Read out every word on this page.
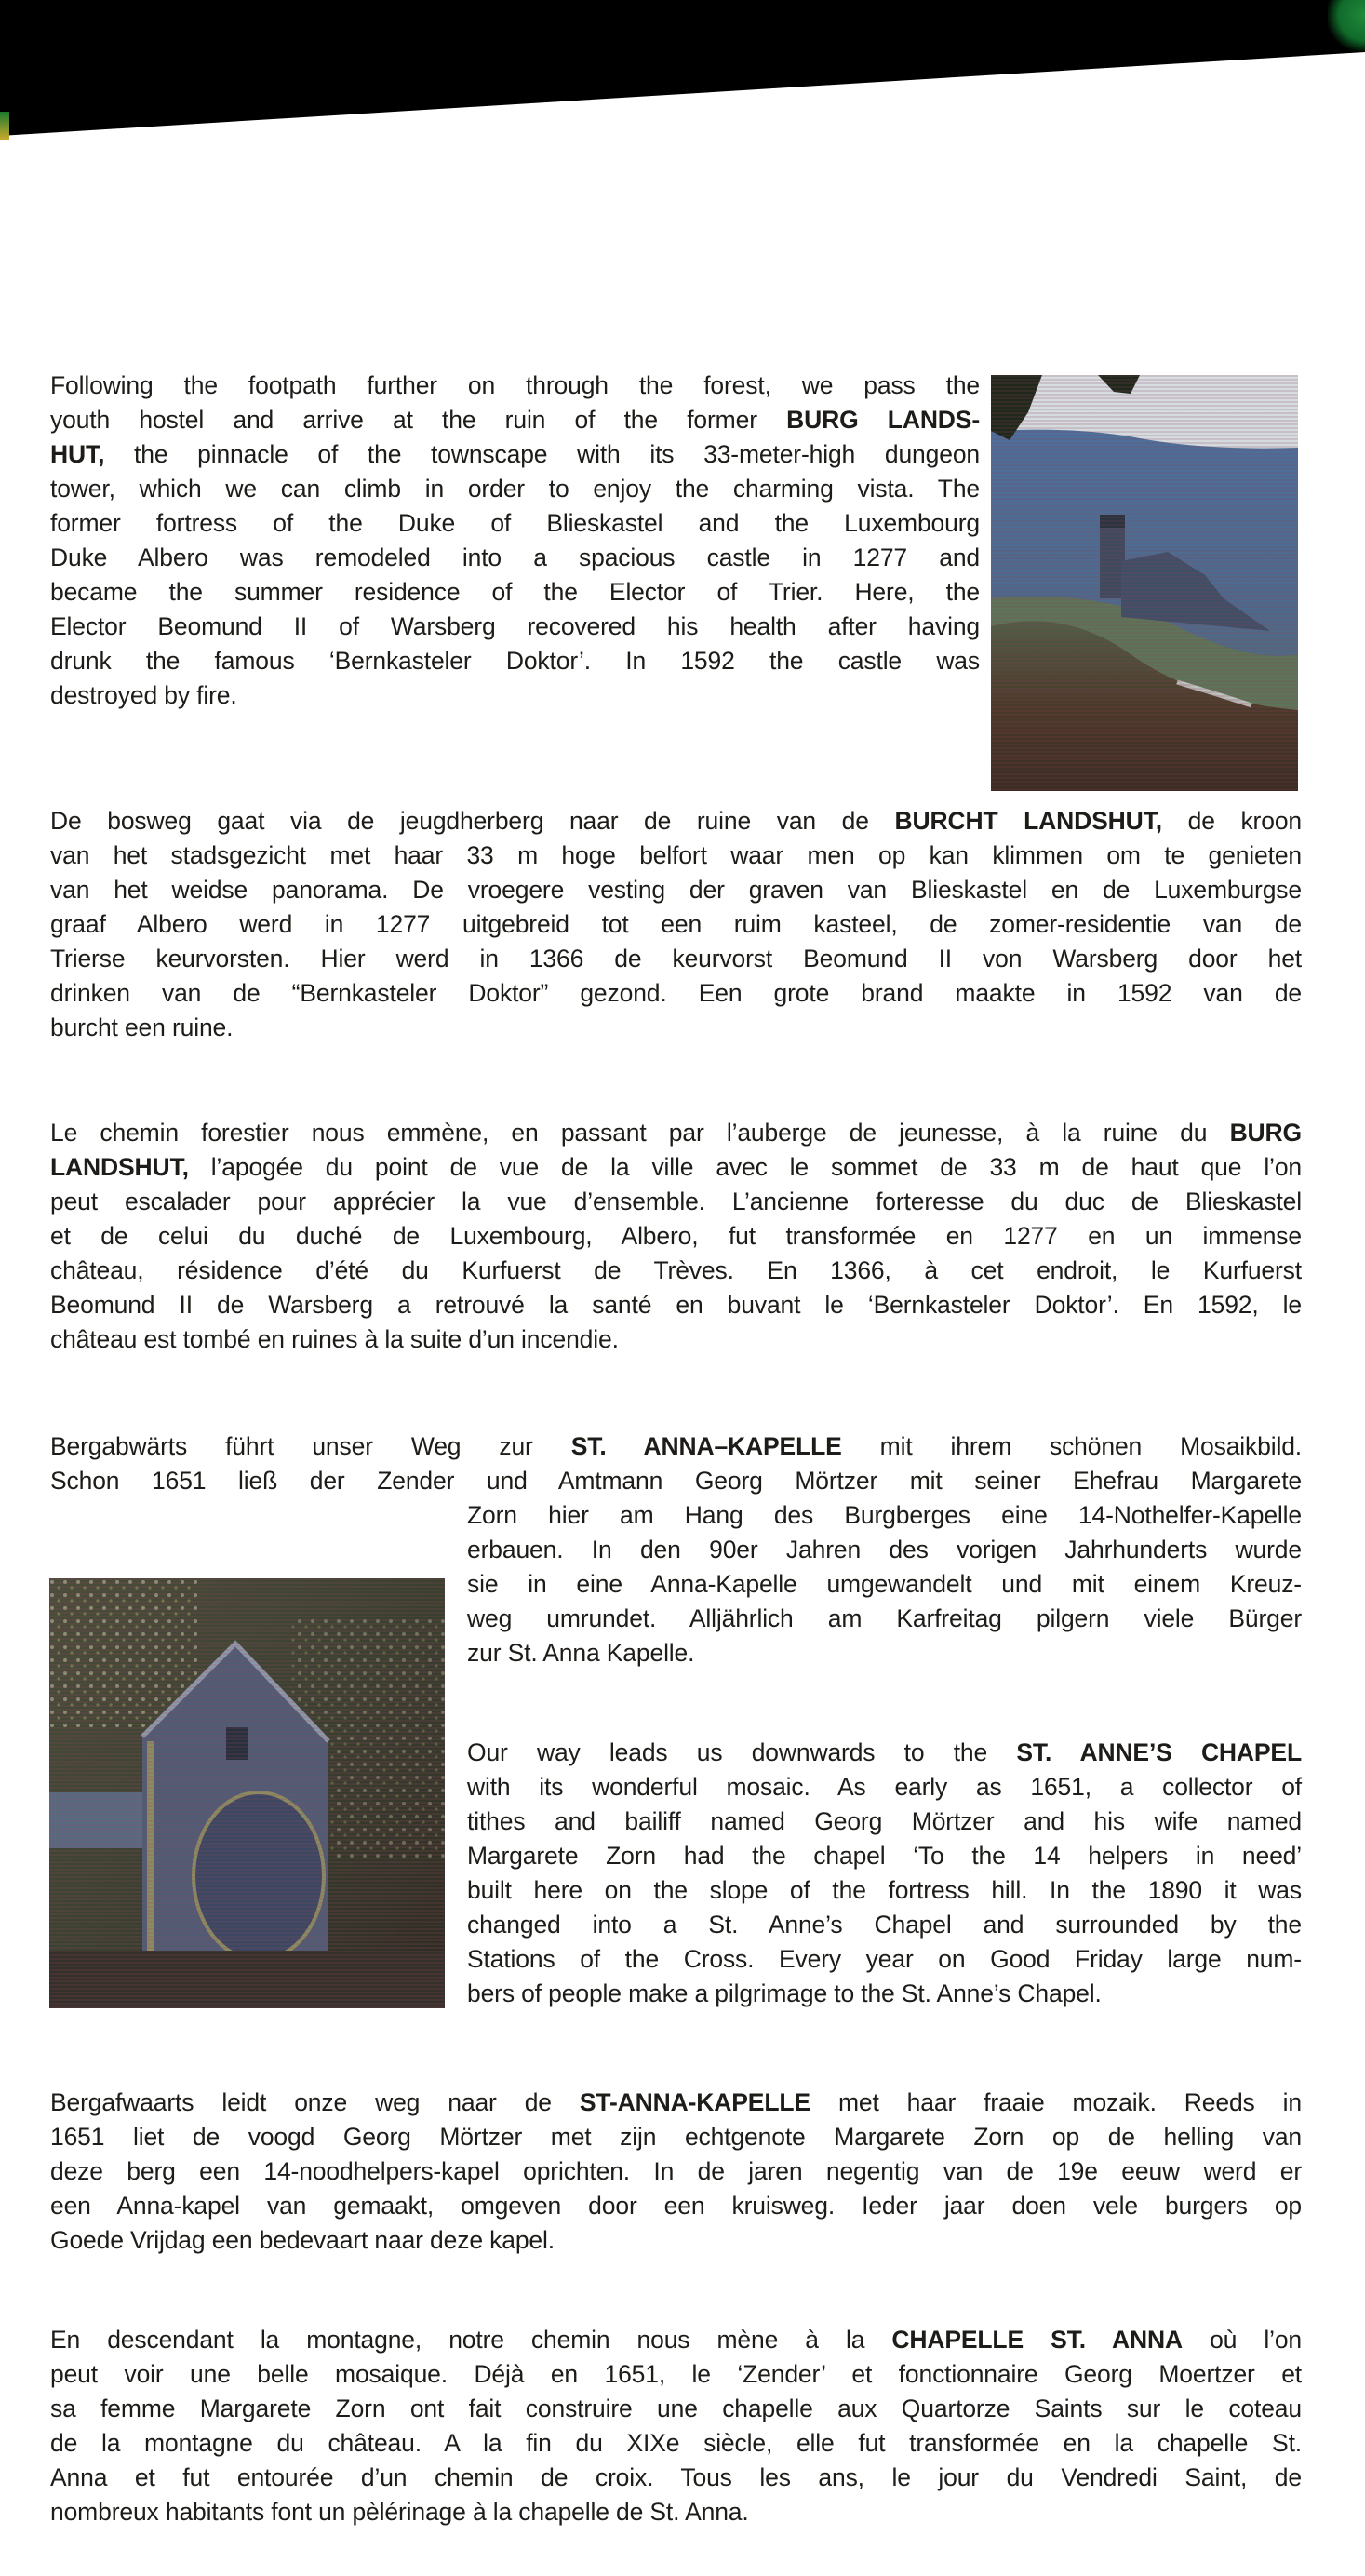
Following the footpath further on through the forest, we pass the
youth hostel and arrive at the ruin of the former BURG LANDS-
HUT, the pinnacle of the townscape with its 33-meter-high dungeon
tower, which we can climb in order to enjoy the charming vista. The
former fortress of the Duke of Blieskastel and the Luxembourg
Duke Albero was remodeled into a spacious castle in 1277 and
became the summer residence of the Elector of Trier. Here, the
Elector Beomund II of Warsberg recovered his health after having
drunk the famous ‘Bernkasteler Doktor’. In 1592 the castle was
destroyed by fire.
De bosweg gaat via de jeugdherberg naar de ruine van de BURCHT LANDSHUT, de kroon
van het stadsgezicht met haar 33 m hoge belfort waar men op kan klimmen om te genieten
van het weidse panorama. De vroegere vesting der graven van Blieskastel en de Luxemburgse
graaf Albero werd in 1277 uitgebreid tot een ruim kasteel, de zomer-residentie van de
Trierse keurvorsten. Hier werd in 1366 de keurvorst Beomund II von Warsberg door het
drinken van de “Bernkasteler Doktor” gezond. Een grote brand maakte in 1592 van de
burcht een ruine.
Le chemin forestier nous emmène, en passant par l’auberge de jeunesse, à la ruine du BURG
LANDSHUT, l’apogée du point de vue de la ville avec le sommet de 33 m de haut que l’on
peut escalader pour apprécier la vue d’ensemble. L’ancienne forteresse du duc de Blieskastel
et de celui du duché de Luxembourg, Albero, fut transformée en 1277 en un immense
château, résidence d’été du Kurfuerst de Trèves. En 1366, à cet endroit, le Kurfuerst
Beomund II de Warsberg a retrouvé la santé en buvant le ‘Bernkasteler Doktor’. En 1592, le
château est tombé en ruines à la suite d’un incendie.
Bergabwärts führt unser Weg zur ST. ANNA–KAPELLE mit ihrem schönen Mosaikbild.
Schon 1651 ließ der Zender und Amtmann Georg Mörtzer mit seiner Ehefrau Margarete
Zorn hier am Hang des Burgberges eine 14-Nothelfer-Kapelle
erbauen. In den 90er Jahren des vorigen Jahrhunderts wurde
sie in eine Anna-Kapelle umgewandelt und mit einem Kreuz-
weg umrundet. Alljährlich am Karfreitag pilgern viele Bürger
zur St. Anna Kapelle.
Our way leads us downwards to the ST. ANNE’S CHAPEL
with its wonderful mosaic. As early as 1651, a collector of
tithes and bailiff named Georg Mörtzer and his wife named
Margarete Zorn had the chapel ‘To the 14 helpers in need’
built here on the slope of the fortress hill. In the 1890 it was
changed into a St. Anne’s Chapel and surrounded by the
Stations of the Cross. Every year on Good Friday large num-
bers of people make a pilgrimage to the St. Anne’s Chapel.
Bergafwaarts leidt onze weg naar de ST-ANNA-KAPELLE met haar fraaie mozaik. Reeds in
1651 liet de voogd Georg Mörtzer met zijn echtgenote Margarete Zorn op de helling van
deze berg een 14-noodhelpers-kapel oprichten. In de jaren negentig van de 19e eeuw werd er
een Anna-kapel van gemaakt, omgeven door een kruisweg. Ieder jaar doen vele burgers op
Goede Vrijdag een bedevaart naar deze kapel.
En descendant la montagne, notre chemin nous mène à la CHAPELLE ST. ANNA où l’on
peut voir une belle mosaique. Déjà en 1651, le ‘Zender’ et fonctionnaire Georg Moertzer et
sa femme Margarete Zorn ont fait construire une chapelle aux Quartorze Saints sur le coteau
de la montagne du château. A la fin du XIXe siècle, elle fut transformée en la chapelle St.
Anna et fut entourée d’un chemin de croix. Tous les ans, le jour du Vendredi Saint, de
nombreux habitants font un pèlérinage à la chapelle de St. Anna.
